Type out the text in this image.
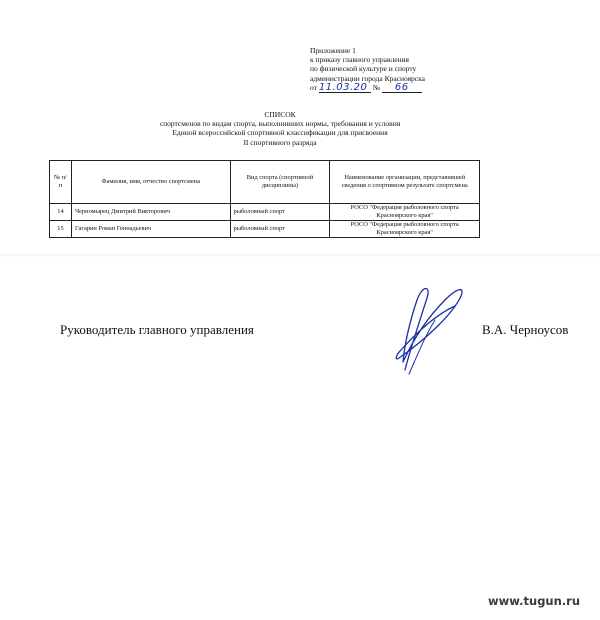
Приложение 1
к приказу главного управления
по физической культуре и спорту
администрации города Красноярска
от 11.03.20 № 66
СПИСОК
спортсменов по видам спорта, выполнивших нормы, требования и условия
Единой всероссийской спортивной классификации для присвоения
II спортивного разряда
№ п/п	Фамилия, имя, отчество спортсмена	Вид спорта (спортивной дисциплины)	Наименование организации, представившей сведения о спортивном результате спортсмена
14	Черномырец Дмитрий Викторович	рыболовный спорт	РОСО "Федерация рыболовного спорта Красноярского края"
15	Гагарин Роман Геннадьевич	рыболовный спорт	РОСО "Федерация рыболовного спорта Красноярского края"
Руководитель главного управления	В.А. Черноусов
www.tugun.ru
